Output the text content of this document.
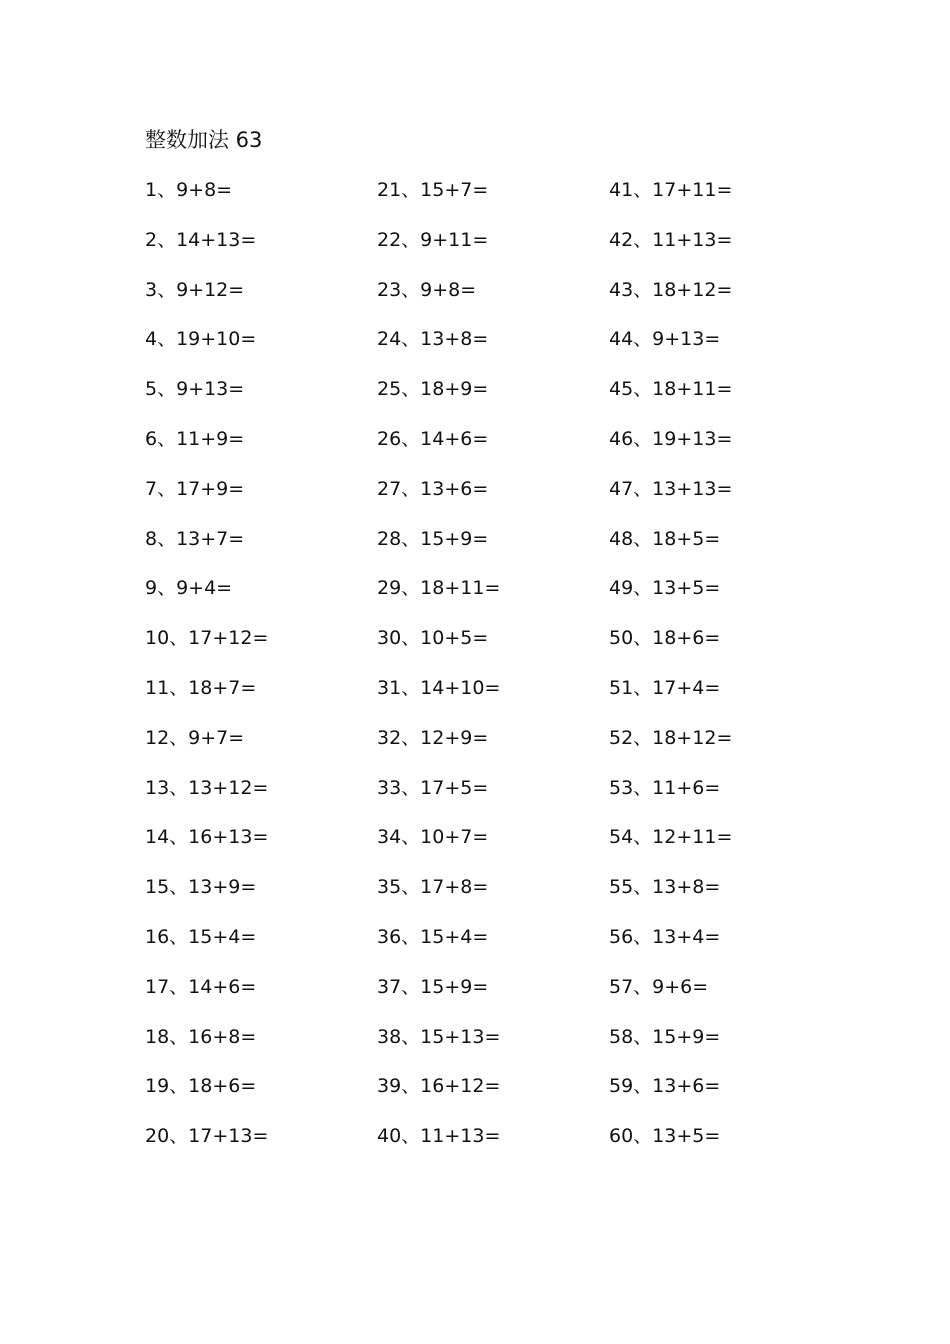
整数加法 63
1、9+8=	21、15+7=	41、17+11=
2、14+13=	22、9+11=	42、11+13=
3、9+12=	23、9+8=	43、18+12=
4、19+10=	24、13+8=	44、9+13=
5、9+13=	25、18+9=	45、18+11=
6、11+9=	26、14+6=	46、19+13=
7、17+9=	27、13+6=	47、13+13=
8、13+7=	28、15+9=	48、18+5=
9、9+4=	29、18+11=	49、13+5=
10、17+12=	30、10+5=	50、18+6=
11、18+7=	31、14+10=	51、17+4=
12、9+7=	32、12+9=	52、18+12=
13、13+12=	33、17+5=	53、11+6=
14、16+13=	34、10+7=	54、12+11=
15、13+9=	35、17+8=	55、13+8=
16、15+4=	36、15+4=	56、13+4=
17、14+6=	37、15+9=	57、9+6=
18、16+8=	38、15+13=	58、15+9=
19、18+6=	39、16+12=	59、13+6=
20、17+13=	40、11+13=	60、13+5=
